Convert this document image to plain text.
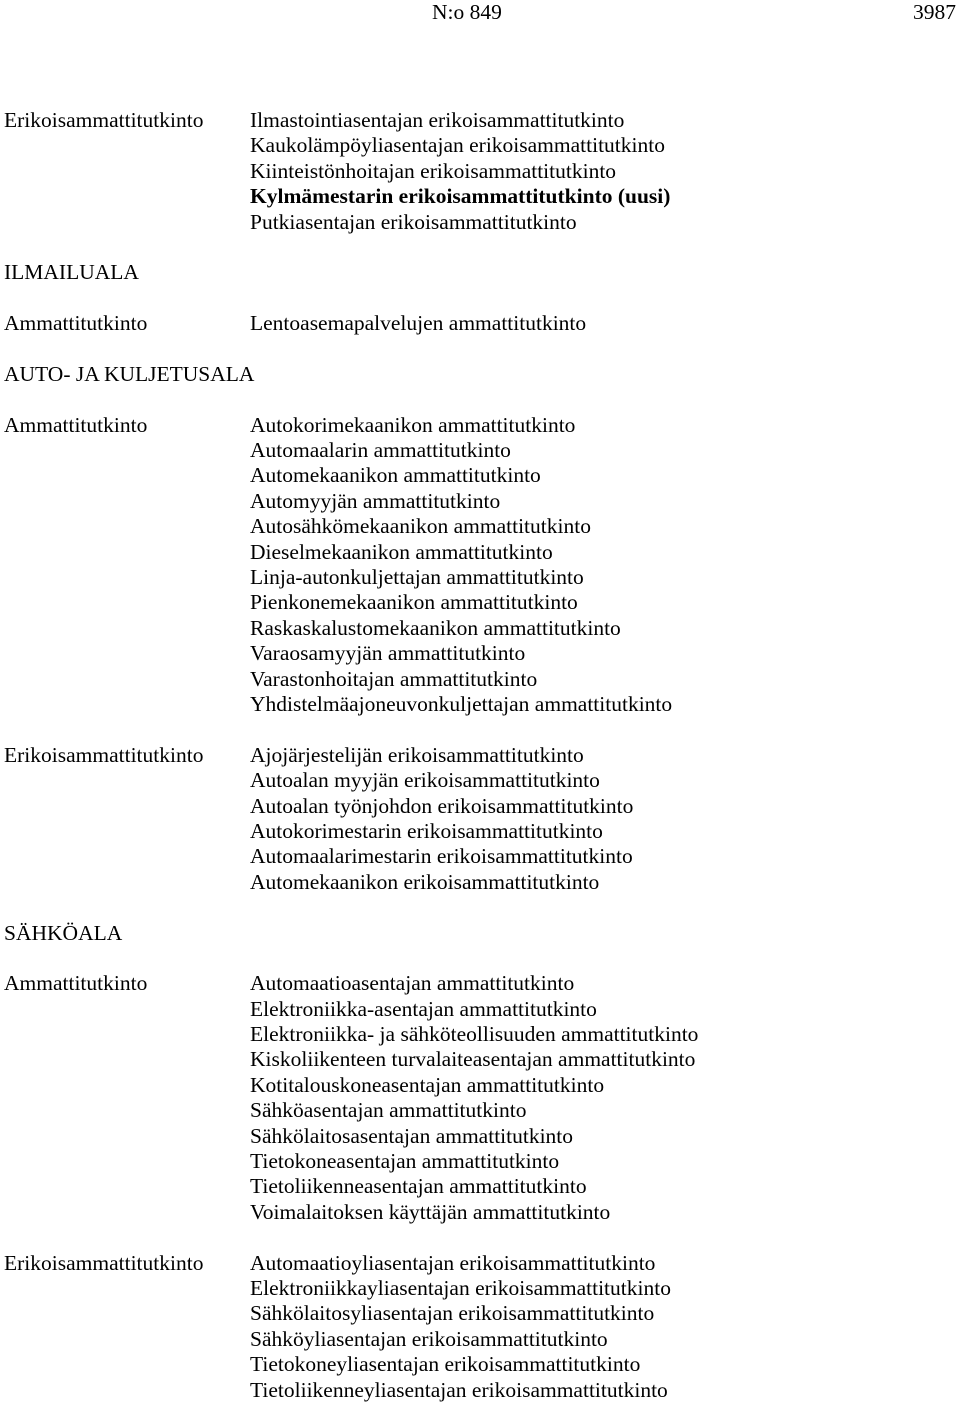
N:o 849	3987
Erikoisammattitutkinto	Ilmastointiasentajan erikoisammattitutkinto
Kaukolämpöyliasentajan erikoisammattitutkinto
Kiinteistönhoitajan erikoisammattitutkinto
Kylmämestarin erikoisammattitutkinto (uusi)
Putkiasentajan erikoisammattitutkinto
ILMAILUALA
Ammattitutkinto	Lentoasemapalvelujen ammattitutkinto
AUTO- JA KULJETUSALA
Ammattitutkinto	Autokorimekaanikon ammattitutkinto
Automaalarin ammattitutkinto
Automekaanikon ammattitutkinto
Automyyjän ammattitutkinto
Autosähkömekaanikon ammattitutkinto
Dieselmekaanikon ammattitutkinto
Linja-autonkuljettajan ammattitutkinto
Pienkonemekaanikon ammattitutkinto
Raskaskalustomekaanikon ammattitutkinto
Varaosamyyjän ammattitutkinto
Varastonhoitajan ammattitutkinto
Yhdistelmäajoneuvonkuljettajan ammattitutkinto
Erikoisammattitutkinto	Ajojärjestelijän erikoisammattitutkinto
Autoalan myyjän erikoisammattitutkinto
Autoalan työnjohdon erikoisammattitutkinto
Autokorimestarin erikoisammattitutkinto
Automaalarimestarin erikoisammattitutkinto
Automekaanikon erikoisammattitutkinto
SÄHKÖALA
Ammattitutkinto	Automaatioasentajan ammattitutkinto
Elektroniikka-asentajan ammattitutkinto
Elektroniikka- ja sähköteollisuuden ammattitutkinto
Kiskoliikenteen turvalaiteasentajan ammattitutkinto
Kotitalouskoneasentajan ammattitutkinto
Sähköasentajan ammattitutkinto
Sähkölaitosasentajan ammattitutkinto
Tietokoneasentajan ammattitutkinto
Tietoliikenneasentajan ammattitutkinto
Voimalaitoksen käyttäjän ammattitutkinto
Erikoisammattitutkinto	Automaatioyliasentajan erikoisammattitutkinto
Elektroniikkayliasentajan erikoisammattitutkinto
Sähkölaitosyliasentajan erikoisammattitutkinto
Sähköyliasentajan erikoisammattitutkinto
Tietokoneyliasentajan erikoisammattitutkinto
Tietoliikenneyliasentajan erikoisammattitutkinto
